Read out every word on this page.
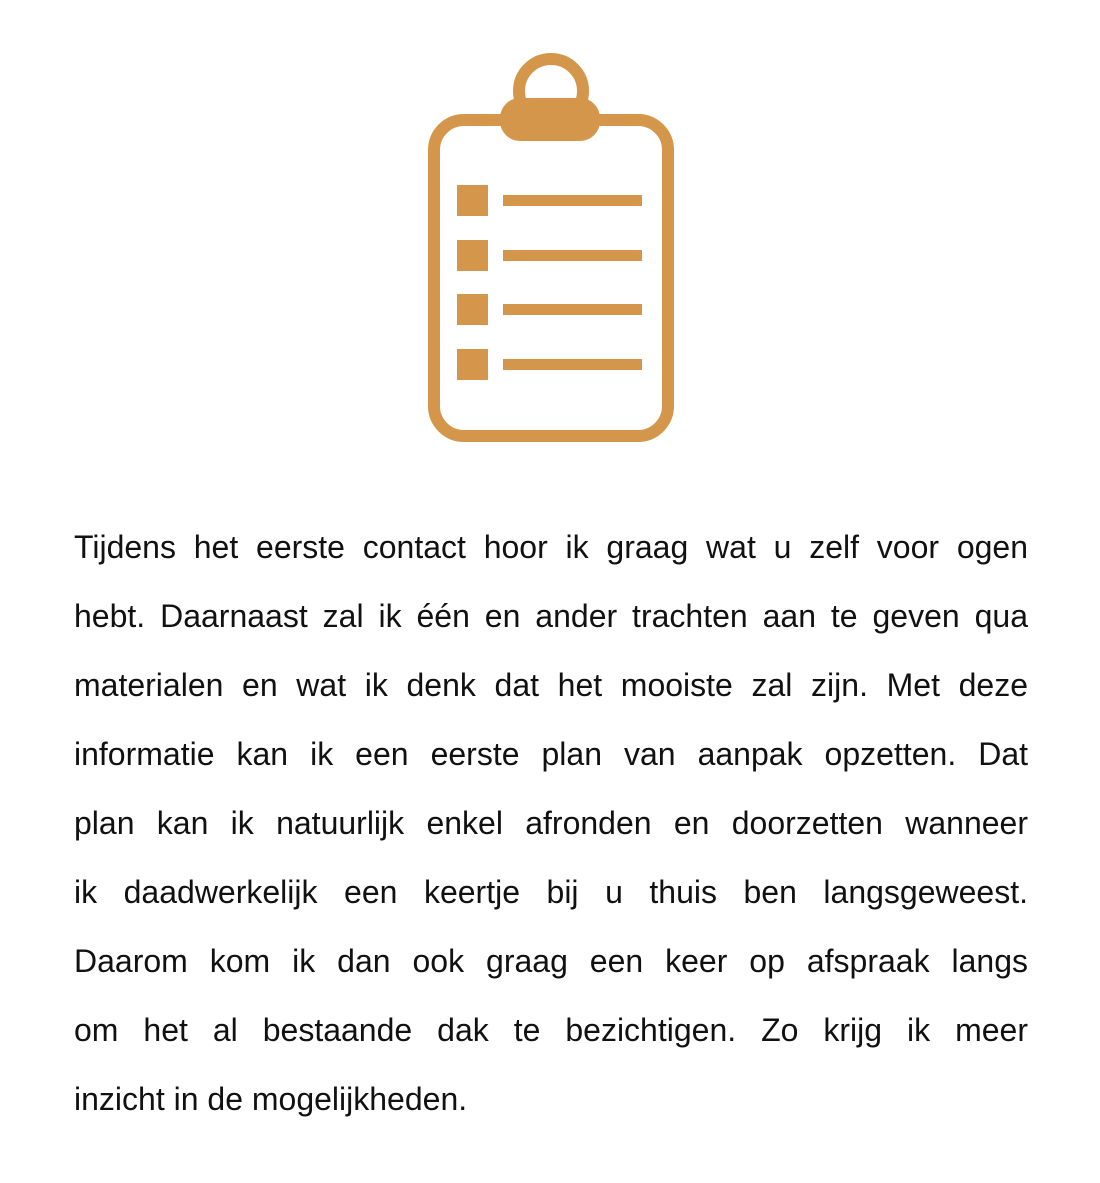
Tijdens het eerste contact hoor ik graag wat u zelf voor ogen
hebt. Daarnaast zal ik één en ander trachten aan te geven qua
materialen en wat ik denk dat het mooiste zal zijn. Met deze
informatie kan ik een eerste plan van aanpak opzetten. Dat
plan kan ik natuurlijk enkel afronden en doorzetten wanneer
ik daadwerkelijk een keertje bij u thuis ben langsgeweest.
Daarom kom ik dan ook graag een keer op afspraak langs
om het al bestaande dak te bezichtigen. Zo krijg ik meer
inzicht in de mogelijkheden.
